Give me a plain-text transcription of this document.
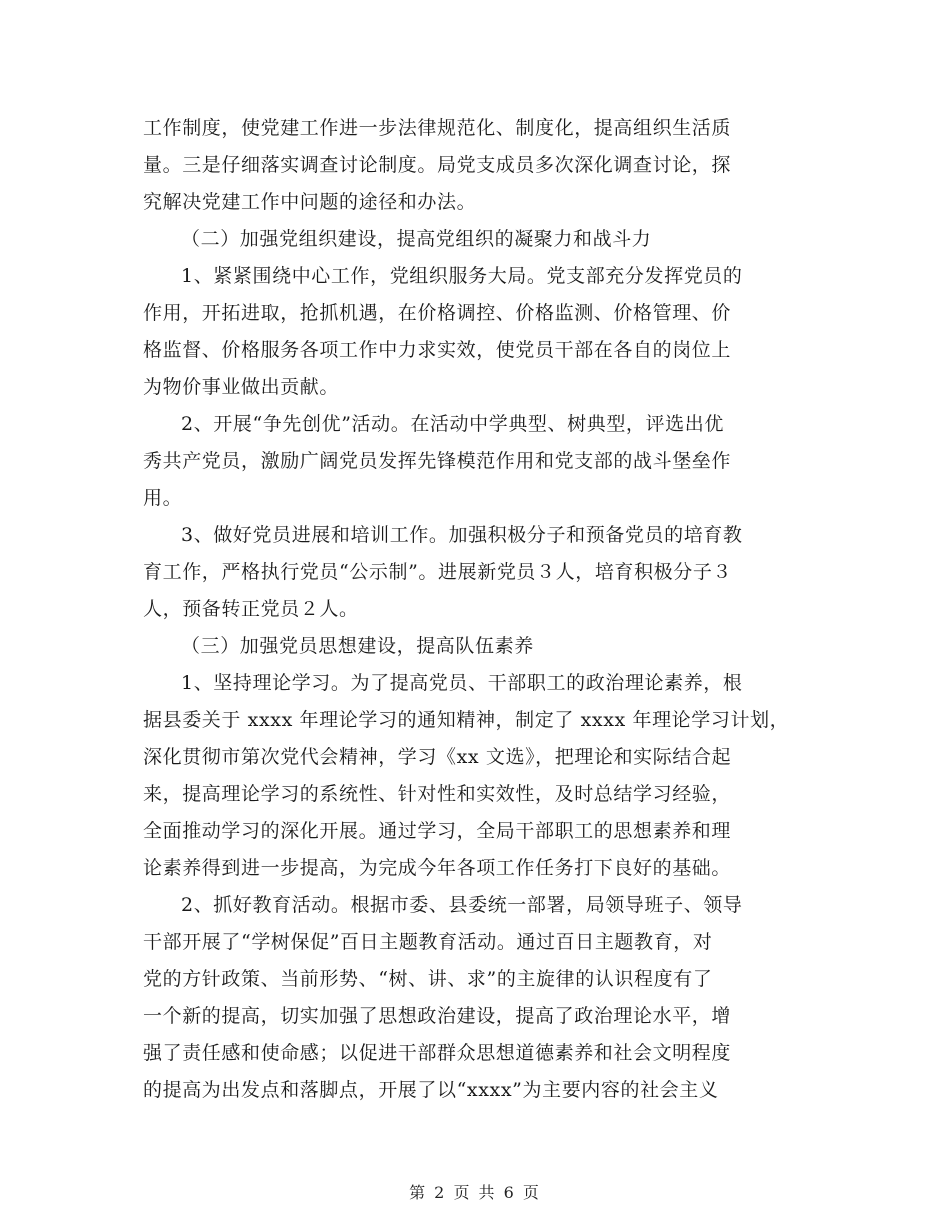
工作制度，使党建工作进一步法律规范化、制度化，提高组织生活质
量。三是仔细落实调查讨论制度。局党支成员多次深化调查讨论，探
究解决党建工作中问题的途径和办法。
（二）加强党组织建设，提高党组织的凝聚力和战斗力
1、紧紧围绕中心工作，党组织服务大局。党支部充分发挥党员的
作用，开拓进取，抢抓机遇，在价格调控、价格监测、价格管理、价
格监督、价格服务各项工作中力求实效，使党员干部在各自的岗位上
为物价事业做出贡献。
2、开展“争先创优”活动。在活动中学典型、树典型，评选出优
秀共产党员，激励广阔党员发挥先锋模范作用和党支部的战斗堡垒作
用。
3、做好党员进展和培训工作。加强积极分子和预备党员的培育教
育工作，严格执行党员“公示制”。进展新党员３人，培育积极分子３
人，预备转正党员２人。
（三）加强党员思想建设，提高队伍素养
1、坚持理论学习。为了提高党员、干部职工的政治理论素养，根
据县委关于 xxxx 年理论学习的通知精神，制定了 xxxx 年理论学习计划，
深化贯彻市第次党代会精神，学习《xx 文选》，把理论和实际结合起
来，提高理论学习的系统性、针对性和实效性，及时总结学习经验，
全面推动学习的深化开展。通过学习，全局干部职工的思想素养和理
论素养得到进一步提高，为完成今年各项工作任务打下良好的基础。
2、抓好教育活动。根据市委、县委统一部署，局领导班子、领导
干部开展了“学树保促”百日主题教育活动。通过百日主题教育，对
党的方针政策、当前形势、“树、讲、求”的主旋律的认识程度有了
一个新的提高，切实加强了思想政治建设，提高了政治理论水平，增
强了责任感和使命感；以促进干部群众思想道德素养和社会文明程度
的提高为出发点和落脚点，开展了以“xxxx”为主要内容的社会主义
第 2 页 共 6 页
